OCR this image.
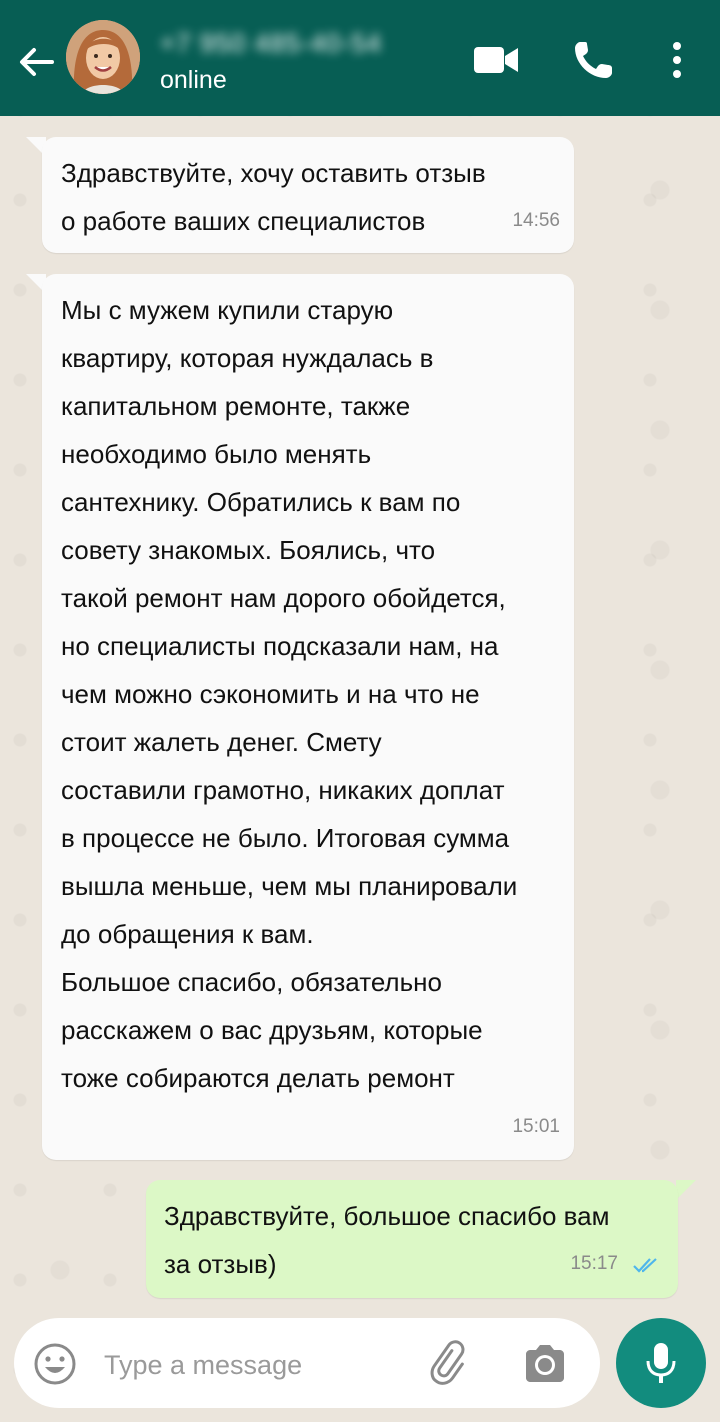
+7 950 485-40-54
online
Здравствуйте, хочу оставить отзыв
о работе ваших специалистов	14:56
Мы с мужем купили старую
квартиру, которая нуждалась в
капитальном ремонте, также
необходимо было менять
сантехнику. Обратились к вам по
совету знакомых. Боялись, что
такой ремонт нам дорого обойдется,
но специалисты подсказали нам, на
чем можно сэкономить и на что не
стоит жалеть денег. Смету
составили грамотно, никаких доплат
в процессе не было. Итоговая сумма
вышла меньше, чем мы планировали
до обращения к вам.
Большое спасибо, обязательно
расскажем о вас друзьям, которые
тоже собираются делать ремонт
15:01
Здравствуйте, большое спасибо вам
за отзыв)	15:17
Type a message
